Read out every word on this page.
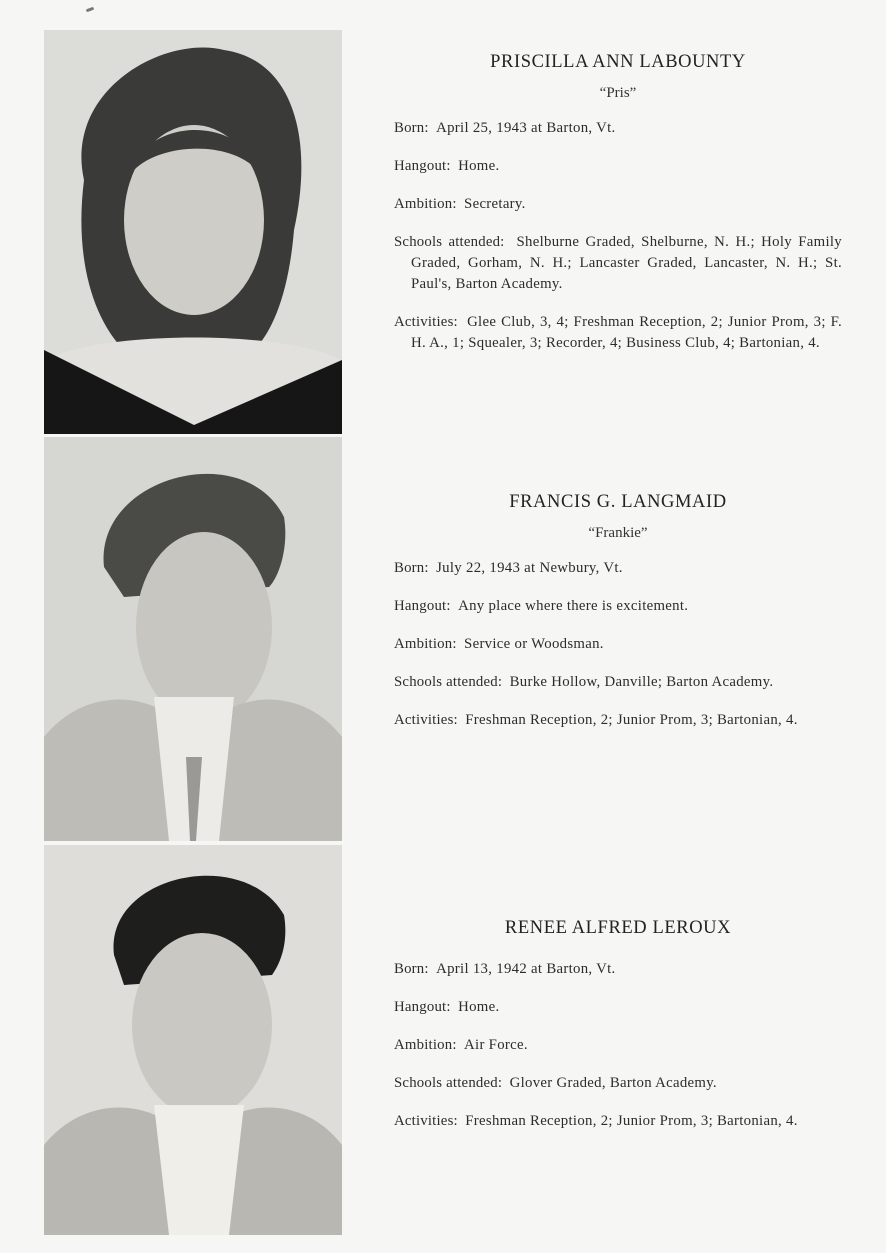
PRISCILLA ANN LABOUNTY
“Pris”

Born: April 25, 1943 at Barton, Vt.

Hangout: Home.

Ambition: Secretary.

Schools attended: Shelburne Graded, Shelburne, N. H.; Holy Family Graded, Gorham, N. H.; Lancaster Graded, Lancaster, N. H.; St. Paul's, Barton Academy.

Activities: Glee Club, 3, 4; Freshman Reception, 2; Junior Prom, 3; F. H. A., 1; Squealer, 3; Recorder, 4; Business Club, 4; Bartonian, 4.

FRANCIS G. LANGMAID
“Frankie”

Born: July 22, 1943 at Newbury, Vt.

Hangout: Any place where there is excitement.

Ambition: Service or Woodsman.

Schools attended: Burke Hollow, Danville; Barton Academy.

Activities: Freshman Reception, 2; Junior Prom, 3; Bartonian, 4.

RENEE ALFRED LEROUX

Born: April 13, 1942 at Barton, Vt.

Hangout: Home.

Ambition: Air Force.

Schools attended: Glover Graded, Barton Academy.

Activities: Freshman Reception, 2; Junior Prom, 3; Bartonian, 4.
